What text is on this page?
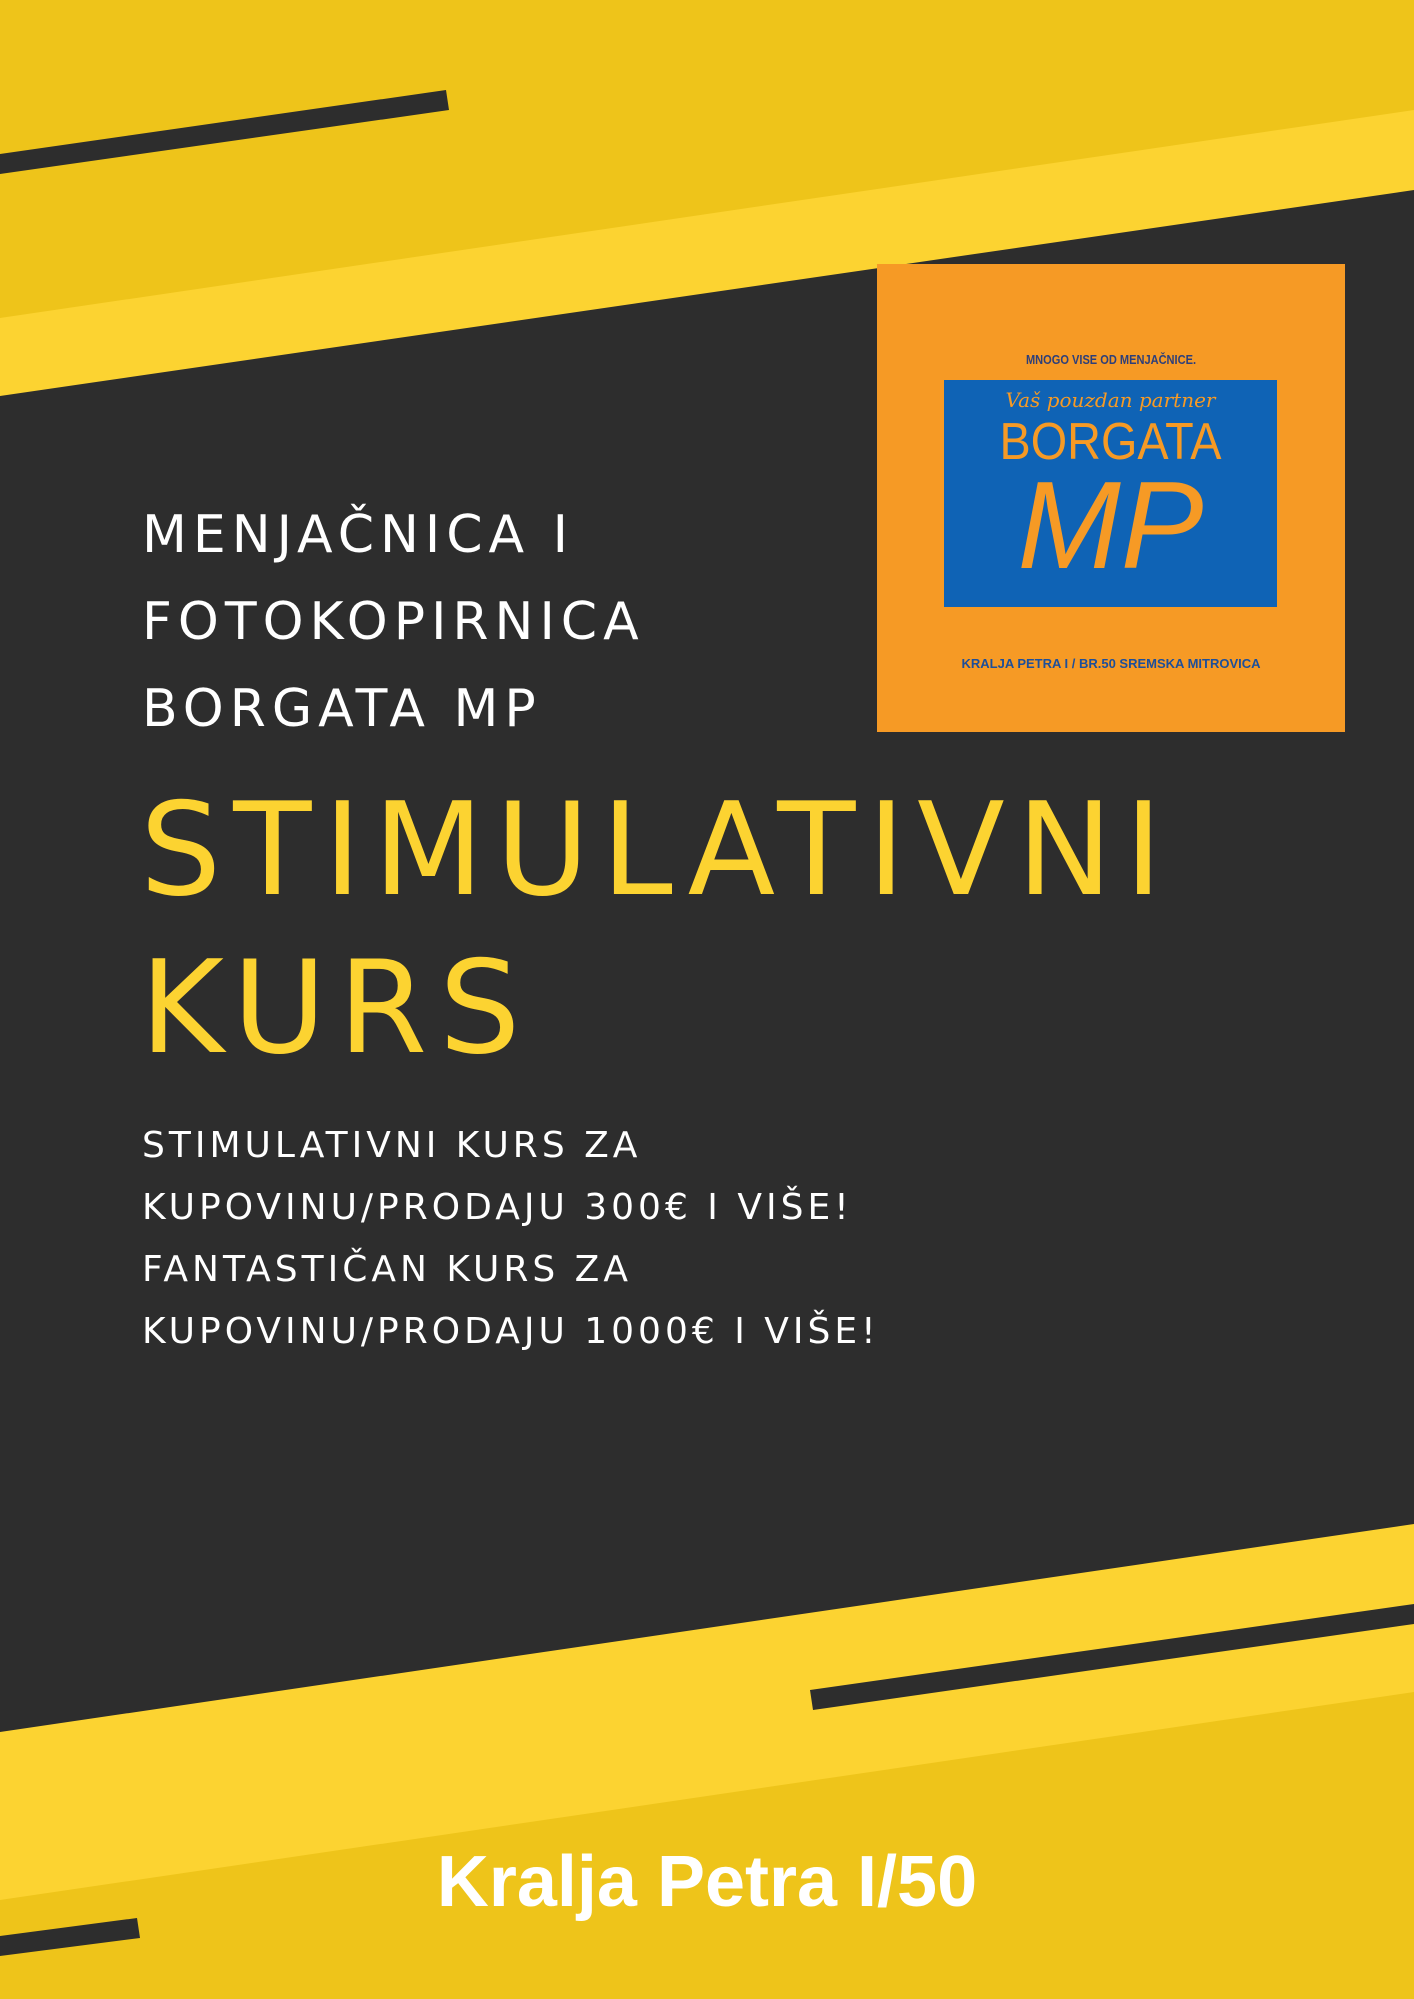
MENJAČNICA I
FOTOKOPIRNICA
BORGATA MP
STIMULATIVNI
KURS
STIMULATIVNI KURS ZA
KUPOVINU/PRODAJU 300€ I VIŠE!
FANTASTIČAN KURS ZA
KUPOVINU/PRODAJU 1000€ I VIŠE!
MNOGO VISE OD MENJAČNICE.
Vaš pouzdan partner
BORGATA
MP
KRALJA PETRA I / BR.50 SREMSKA MITROVICA
Kralja Petra I/50
